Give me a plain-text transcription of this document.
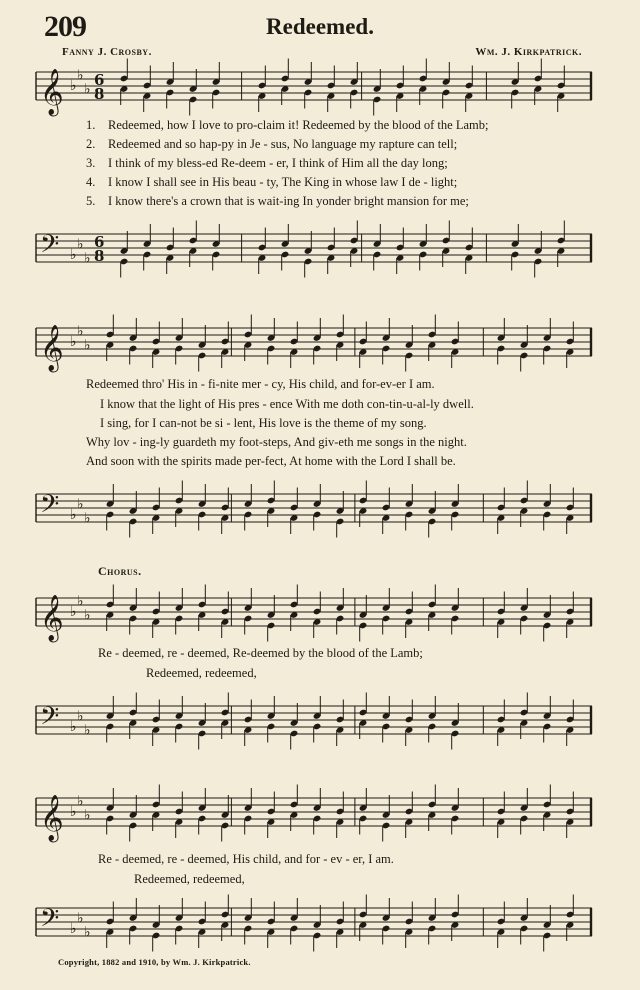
209	Redeemed.
Fanny J. Crosby.	Wm. J. Kirkpatrick.
𝄞 ♭
♭
♭
6
8
1. Redeemed, how I love to pro-claim it! Redeemed by the blood of the Lamb;
2. Redeemed and so hap-py in Je - sus, No language my rapture can tell;
3. I think of my bless-ed Re-deem - er, I think of Him all the day long;
4. I know I shall see in His beau - ty, The King in whose law I de - light;
5. I know there's a crown that is wait-ing In yonder bright mansion for me;
𝄢 ♭
♭
♭
6
8
𝄞 ♭
♭
♭
Redeemed thro' His in - fi-nite mer - cy, His child, and for-ev-er I am.
I know that the light of His pres - ence With me doth con-tin-u-al-ly dwell.
I sing, for I can-not be si - lent, His love is the theme of my song.
Why lov - ing-ly guardeth my foot-steps, And giv-eth me songs in the night.
And soon with the spirits made per-fect, At home with the Lord I shall be.
𝄢 ♭
♭
♭
Chorus.
𝄞 ♭
♭
♭
Re - deemed, re - deemed, Re-deemed by the blood of the Lamb;
Redeemed, redeemed,
𝄢 ♭
♭
♭
𝄞 ♭
♭
♭
Re - deemed, re - deemed, His child, and for - ev - er, I am.
Redeemed, redeemed,
𝄢 ♭
♭
♭
Copyright, 1882 and 1910, by Wm. J. Kirkpatrick.
